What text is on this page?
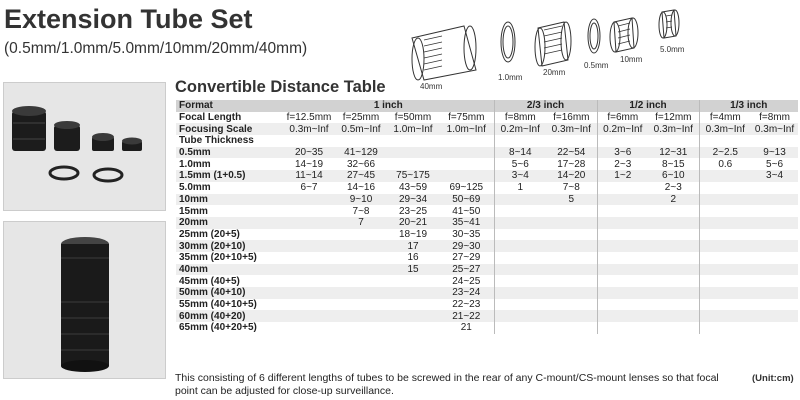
Extension Tube Set
(0.5mm/1.0mm/5.0mm/10mm/20mm/40mm)
40mm
1.0mm
20mm
0.5mm
10mm
5.0mm
Convertible Distance Table
Format	1 inch				2/3 inch		1/2 inch		1/3 inch	
Focal Length	f=12.5mm	f=25mm	f=50mm	f=75mm	f=8mm	f=16mm	f=6mm	f=12mm	f=4mm	f=8mm
Focusing Scale	0.3m~Inf	0.5m~Inf	1.0m~Inf	1.0m~Inf	0.2m~Inf	0.3m~Inf	0.2m~Inf	0.3m~Inf	0.3m~Inf	0.3m~Inf
Tube Thickness										
0.5mm	20~35	41~129			8~14	22~54	3~6	12~31	2~2.5	9~13
1.0mm	14~19	32~66			5~6	17~28	2~3	8~15	0.6	5~6
1.5mm (1+0.5)	11~14	27~45	75~175		3~4	14~20	1~2	6~10		3~4
5.0mm	6~7	14~16	43~59	69~125	1	7~8		2~3		
10mm		9~10	29~34	50~69		5		2		
15mm		7~8	23~25	41~50						
20mm		7	20~21	35~41						
25mm (20+5)			18~19	30~35						
30mm (20+10)			17	29~30						
35mm (20+10+5)			16	27~29						
40mm			15	25~27						
45mm (40+5)				24~25						
50mm (40+10)				23~24						
55mm (40+10+5)				22~23						
60mm (40+20)				21~22						
65mm (40+20+5)				21						
This consisting of 6 different lengths of tubes to be screwed in the rear of any C-mount/CS-mount lenses so that focal point can be adjusted for close-up surveillance.
(Unit:cm)
